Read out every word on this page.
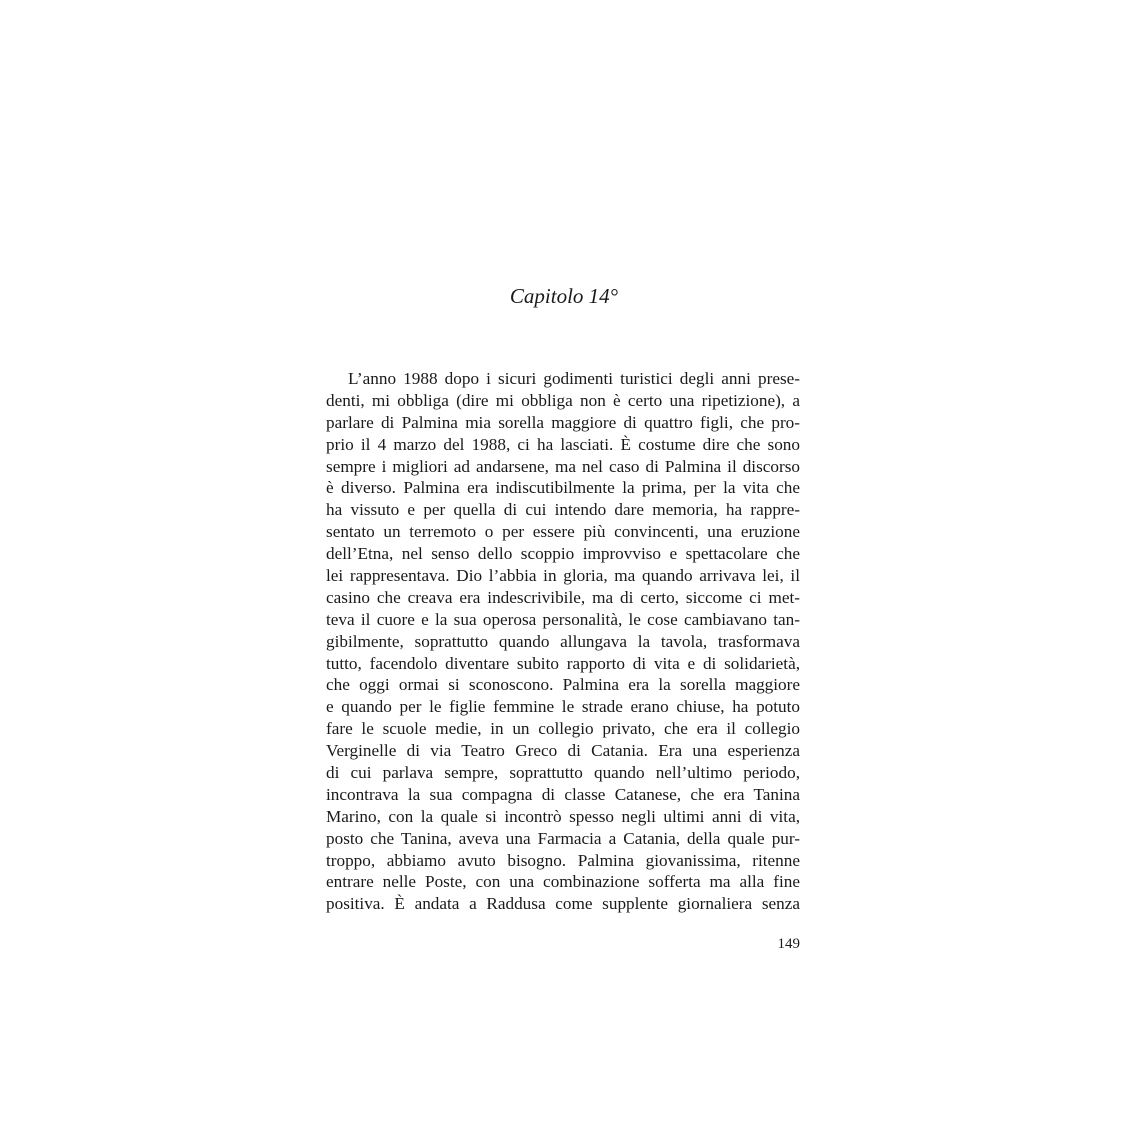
Capitolo 14°
L’anno 1988 dopo i sicuri godimenti turistici degli anni prese-
denti, mi obbliga (dire mi obbliga non è certo una ripetizione), a
parlare di Palmina mia sorella maggiore di quattro figli, che pro-
prio il 4 marzo del 1988, ci ha lasciati. È costume dire che sono
sempre i migliori ad andarsene, ma nel caso di Palmina il discorso
è diverso. Palmina era indiscutibilmente la prima, per la vita che
ha vissuto e per quella di cui intendo dare memoria, ha rappre-
sentato un terremoto o per essere più convincenti, una eruzione
dell’Etna, nel senso dello scoppio improvviso e spettacolare che
lei rappresentava. Dio l’abbia in gloria, ma quando arrivava lei, il
casino che creava era indescrivibile, ma di certo, siccome ci met-
teva il cuore e la sua operosa personalità, le cose cambiavano tan-
gibilmente, soprattutto quando allungava la tavola, trasformava
tutto, facendolo diventare subito rapporto di vita e di solidarietà,
che oggi ormai si sconoscono. Palmina era la sorella maggiore
e quando per le figlie femmine le strade erano chiuse, ha potuto
fare le scuole medie, in un collegio privato, che era il collegio
Verginelle di via Teatro Greco di Catania. Era una esperienza
di cui parlava sempre, soprattutto quando nell’ultimo periodo,
incontrava la sua compagna di classe Catanese, che era Tanina
Marino, con la quale si incontrò spesso negli ultimi anni di vita,
posto che Tanina, aveva una Farmacia a Catania, della quale pur-
troppo, abbiamo avuto bisogno. Palmina giovanissima, ritenne
entrare nelle Poste, con una combinazione sofferta ma alla fine
positiva. È andata a Raddusa come supplente giornaliera senza
149
